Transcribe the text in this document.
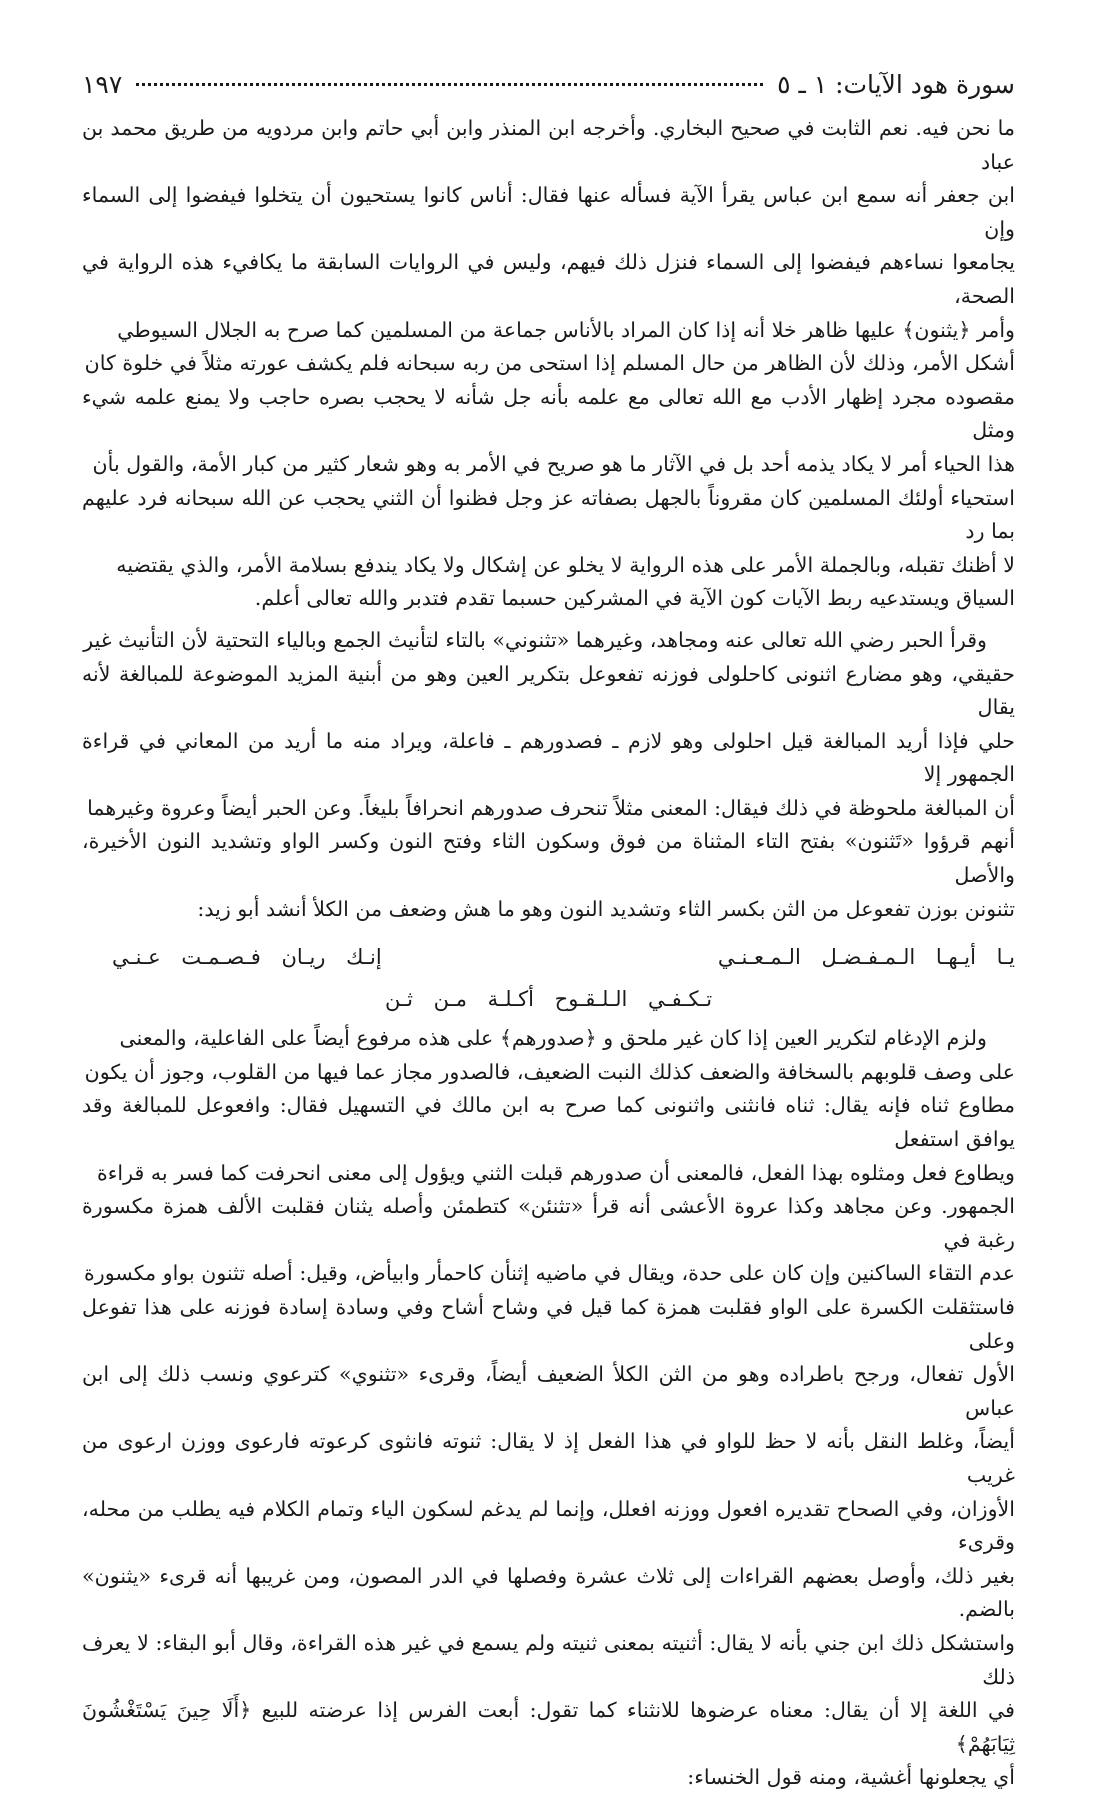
سورة هود الآيات: ١ ـ ٥
١٩٧

ما نحن فيه. نعم الثابت في صحيح البخاري. وأخرجه ابن المنذر وابن أبي حاتم وابن مردويه من طريق محمد بن عباد

ابن جعفر أنه سمع ابن عباس يقرأ الآية فسأله عنها فقال: أناس كانوا يستحيون أن يتخلوا فيفضوا إلى السماء وإن

يجامعوا نساءهم فيفضوا إلى السماء فنزل ذلك فيهم، وليس في الروايات السابقة ما يكافيء هذه الرواية في الصحة،

وأمر ﴿يثنون﴾ عليها ظاهر خلا أنه إذا كان المراد بالأناس جماعة من المسلمين كما صرح به الجلال السيوطي

أشكل الأمر، وذلك لأن الظاهر من حال المسلم إذا استحى من ربه سبحانه فلم يكشف عورته مثلاً في خلوة كان

مقصوده مجرد إظهار الأدب مع الله تعالى مع علمه بأنه جل شأنه لا يحجب بصره حاجب ولا يمنع علمه شيء ومثل

هذا الحياء أمر لا يكاد يذمه أحد بل في الآثار ما هو صريح في الأمر به وهو شعار كثير من كبار الأمة، والقول بأن

استحياء أولئك المسلمين كان مقروناً بالجهل بصفاته عز وجل فظنوا أن الثني يحجب عن الله سبحانه فرد عليهم بما رد

لا أظنك تقبله، وبالجملة الأمر على هذه الرواية لا يخلو عن إشكال ولا يكاد يندفع بسلامة الأمر، والذي يقتضيه

السياق ويستدعيه ربط الآيات كون الآية في المشركين حسبما تقدم فتدبر والله تعالى أعلم.

وقرأ الحبر رضي الله تعالى عنه ومجاهد، وغيرهما «تثنوني» بالتاء لتأنيث الجمع وبالياء التحتية لأن التأنيث غير

حقيقي، وهو مضارع اثنونى كاحلولى فوزنه تفعوعل بتكرير العين وهو من أبنية المزيد الموضوعة للمبالغة لأنه يقال

حلي فإذا أريد المبالغة قيل احلولى وهو لازم ـ فصدورهم ـ فاعلة، ويراد منه ما أريد من المعاني في قراءة الجمهور إلا

أن المبالغة ملحوظة في ذلك فيقال: المعنى مثلاً تنحرف صدورهم انحرافاً بليغاً. وعن الحبر أيضاً وعروة وغيرهما

أنهم قرؤوا «تَثنون» بفتح التاء المثناة من فوق وسكون الثاء وفتح النون وكسر الواو وتشديد النون الأخيرة، والأصل

تثنونن بوزن تفعوعل من الثن بكسر الثاء وتشديد النون وهو ما هش وضعف من الكلأ أنشد أبو زيد:

يـا أيـهـا الـمـفـضـل الـمـعـنـي
إنـك ريـان فـصـمـت عـنـي
تـكـفـي الـلـقـوح أكـلـة مـن ثـن

ولزم الإدغام لتكرير العين إذا كان غير ملحق و ﴿صدورهم﴾ على هذه مرفوع أيضاً على الفاعلية، والمعنى

على وصف قلوبهم بالسخافة والضعف كذلك النبت الضعيف، فالصدور مجاز عما فيها من القلوب، وجوز أن يكون

مطاوع ثناه فإنه يقال: ثناه فانثنى واثنونى كما صرح به ابن مالك في التسهيل فقال: وافعوعل للمبالغة وقد يوافق استفعل

ويطاوع فعل ومثلوه بهذا الفعل، فالمعنى أن صدورهم قبلت الثني ويؤول إلى معنى انحرفت كما فسر به قراءة

الجمهور. وعن مجاهد وكذا عروة الأعشى أنه قرأ «تثنئن» كتطمئن وأصله يثنان فقلبت الألف همزة مكسورة رغبة في

عدم التقاء الساكنين وإن كان على حدة، ويقال في ماضيه إثنأن كاحمأر وابيأض، وقيل: أصله تثنون بواو مكسورة

فاستثقلت الكسرة على الواو فقلبت همزة كما قيل في وشاح أشاح وفي وسادة إسادة فوزنه على هذا تفوعل وعلى

الأول تفعال، ورجح باطراده وهو من الثن الكلأ الضعيف أيضاً، وقرىء «تثنوي» كترعوي ونسب ذلك إلى ابن عباس

أيضاً، وغلط النقل بأنه لا حظ للواو في هذا الفعل إذ لا يقال: ثنوته فانثوى كرعوته فارعوى ووزن ارعوى من غريب

الأوزان، وفي الصحاح تقديره افعول ووزنه افعلل، وإنما لم يدغم لسكون الياء وتمام الكلام فيه يطلب من محله، وقرىء

بغير ذلك، وأوصل بعضهم القراءات إلى ثلاث عشرة وفصلها في الدر المصون، ومن غريبها أنه قرىء «يثنون» بالضم.

واستشكل ذلك ابن جني بأنه لا يقال: أثنيته بمعنى ثنيته ولم يسمع في غير هذه القراءة، وقال أبو البقاء: لا يعرف ذلك

في اللغة إلا أن يقال: معناه عرضوها للانثناء كما تقول: أبعت الفرس إذا عرضته للبيع ﴿أَلَا حِينَ يَسْتَغْشُونَ ثِيَابَهُمْ﴾

أي يجعلونها أغشية، ومنه قول الخنساء:
